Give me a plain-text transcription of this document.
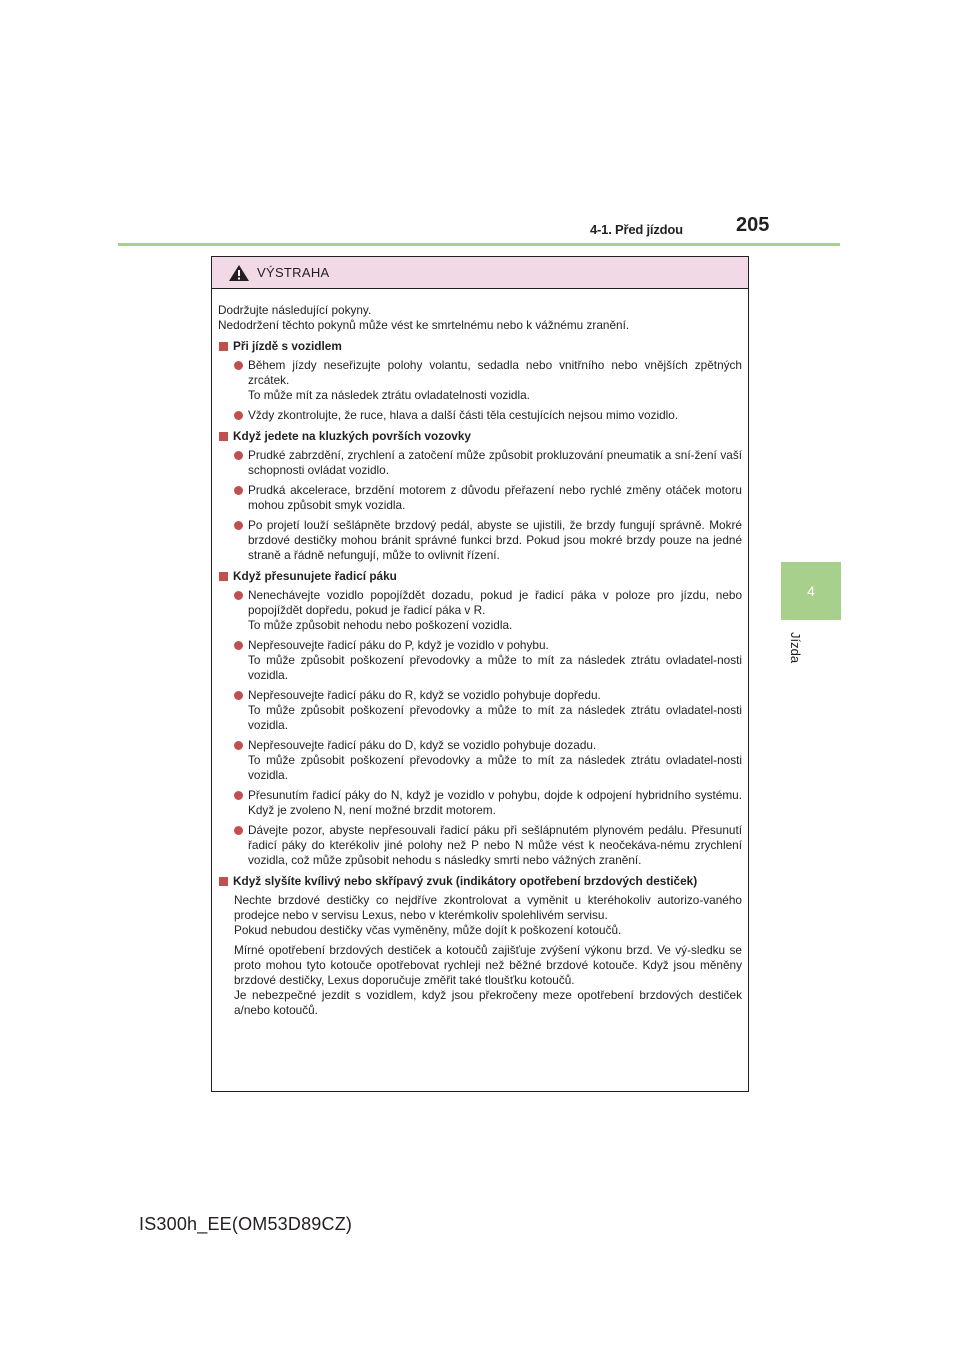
4-1. Před jízdou	205
4
Jízda
VÝSTRAHA
Dodržujte následující pokyny.
Nedodržení těchto pokynů může vést ke smrtelnému nebo k vážnému zranění.
Při jízdě s vozidlem
Během jízdy neseřizujte polohy volantu, sedadla nebo vnitřního nebo vnějších zpětných zrcátek.
To může mít za následek ztrátu ovladatelnosti vozidla.
Vždy zkontrolujte, že ruce, hlava a další části těla cestujících nejsou mimo vozidlo.
Když jedete na kluzkých površích vozovky
Prudké zabrzdění, zrychlení a zatočení může způsobit prokluzování pneumatik a sní-žení vaší schopnosti ovládat vozidlo.
Prudká akcelerace, brzdění motorem z důvodu přeřazení nebo rychlé změny otáček motoru mohou způsobit smyk vozidla.
Po projetí louží sešlápněte brzdový pedál, abyste se ujistili, že brzdy fungují správně. Mokré brzdové destičky mohou bránit správné funkci brzd. Pokud jsou mokré brzdy pouze na jedné straně a řádně nefungují, může to ovlivnit řízení.
Když přesunujete řadicí páku
Nenechávejte vozidlo popojíždět dozadu, pokud je řadicí páka v poloze pro jízdu, nebo popojíždět dopředu, pokud je řadicí páka v R.
To může způsobit nehodu nebo poškození vozidla.
Nepřesouvejte řadicí páku do P, když je vozidlo v pohybu.
To může způsobit poškození převodovky a může to mít za následek ztrátu ovladatel-nosti vozidla.
Nepřesouvejte řadicí páku do R, když se vozidlo pohybuje dopředu.
To může způsobit poškození převodovky a může to mít za následek ztrátu ovladatel-nosti vozidla.
Nepřesouvejte řadicí páku do D, když se vozidlo pohybuje dozadu.
To může způsobit poškození převodovky a může to mít za následek ztrátu ovladatel-nosti vozidla.
Přesunutím řadicí páky do N, když je vozidlo v pohybu, dojde k odpojení hybridního systému. Když je zvoleno N, není možné brzdit motorem.
Dávejte pozor, abyste nepřesouvali řadicí páku při sešlápnutém plynovém pedálu. Přesunutí řadicí páky do kterékoliv jiné polohy než P nebo N může vést k neočekáva-nému zrychlení vozidla, což může způsobit nehodu s následky smrti nebo vážných zranění.
Když slyšíte kvílivý nebo skřípavý zvuk (indikátory opotřebení brzdových destiček)
Nechte brzdové destičky co nejdříve zkontrolovat a vyměnit u kteréhokoliv autorizo-vaného prodejce nebo v servisu Lexus, nebo v kterémkoliv spolehlivém servisu.
Pokud nebudou destičky včas vyměněny, může dojít k poškození kotoučů.
Mírné opotřebení brzdových destiček a kotoučů zajišťuje zvýšení výkonu brzd. Ve vý-sledku se proto mohou tyto kotouče opotřebovat rychleji než běžné brzdové kotouče. Když jsou měněny brzdové destičky, Lexus doporučuje změřit také tloušťku kotoučů.
Je nebezpečné jezdit s vozidlem, když jsou překročeny meze opotřebení brzdových destiček a/nebo kotoučů.
IS300h_EE(OM53D89CZ)
